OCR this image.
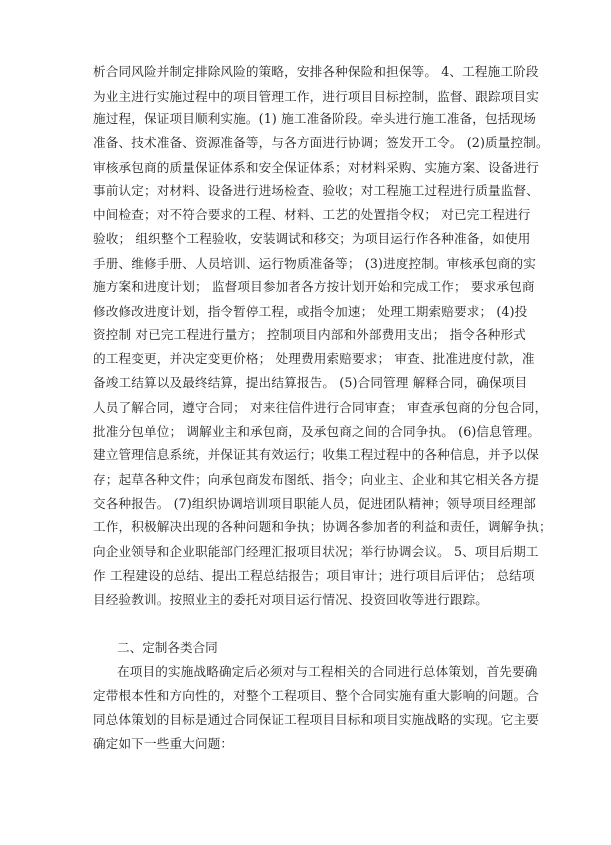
析合同风险并制定排除风险的策略，安排各种保险和担保等。 4、工程施工阶段
为业主进行实施过程中的项目管理工作，进行项目目标控制，监督、跟踪项目实
施过程，保证项目顺利实施。(1) 施工准备阶段。牵头进行施工准备，包括现场
准备、技术准备、资源准备等，与各方面进行协调；签发开工令。 (2)质量控制。
审核承包商的质量保证体系和安全保证体系；对材料采购、实施方案、设备进行
事前认定；对材料、设备进行进场检查、验收；对工程施工过程进行质量监督、
中间检查；对不符合要求的工程、材料、工艺的处置指令权； 对已完工程进行
验收； 组织整个工程验收，安装调试和移交；为项目运行作各种准备，如使用
手册、维修手册、人员培训、运行物质准备等； (3)进度控制。审核承包商的实
施方案和进度计划； 监督项目参加者各方按计划开始和完成工作； 要求承包商
修改修改进度计划，指令暂停工程，或指令加速； 处理工期索赔要求； (4)投
资控制 对已完工程进行量方； 控制项目内部和外部费用支出； 指令各种形式
的工程变更，并决定变更价格； 处理费用索赔要求； 审查、批准进度付款，准
备竣工结算以及最终结算，提出结算报告。 (5)合同管理 解释合同，确保项目
人员了解合同，遵守合同； 对来往信件进行合同审查； 审查承包商的分包合同，
批准分包单位； 调解业主和承包商，及承包商之间的合同争执。 (6)信息管理。
建立管理信息系统，并保证其有效运行；收集工程过程中的各种信息，并予以保
存；起草各种文件；向承包商发布图纸、指令；向业主、企业和其它相关各方提
交各种报告。 (7)组织协调培训项目职能人员，促进团队精神；领导项目经理部
工作，积极解决出现的各种问题和争执；协调各参加者的利益和责任，调解争执；
向企业领导和企业职能部门经理汇报项目状况；举行协调会议。 5、项目后期工
作 工程建设的总结、提出工程总结报告；项目审计；进行项目后评估； 总结项
目经验教训。按照业主的委托对项目运行情况、投资回收等进行跟踪。
二、定制各类合同
在项目的实施战略确定后必须对与工程相关的合同进行总体策划，首先要确
定带根本性和方向性的，对整个工程项目、整个合同实施有重大影响的问题。合
同总体策划的目标是通过合同保证工程项目目标和项目实施战略的实现。它主要
确定如下一些重大问题：
